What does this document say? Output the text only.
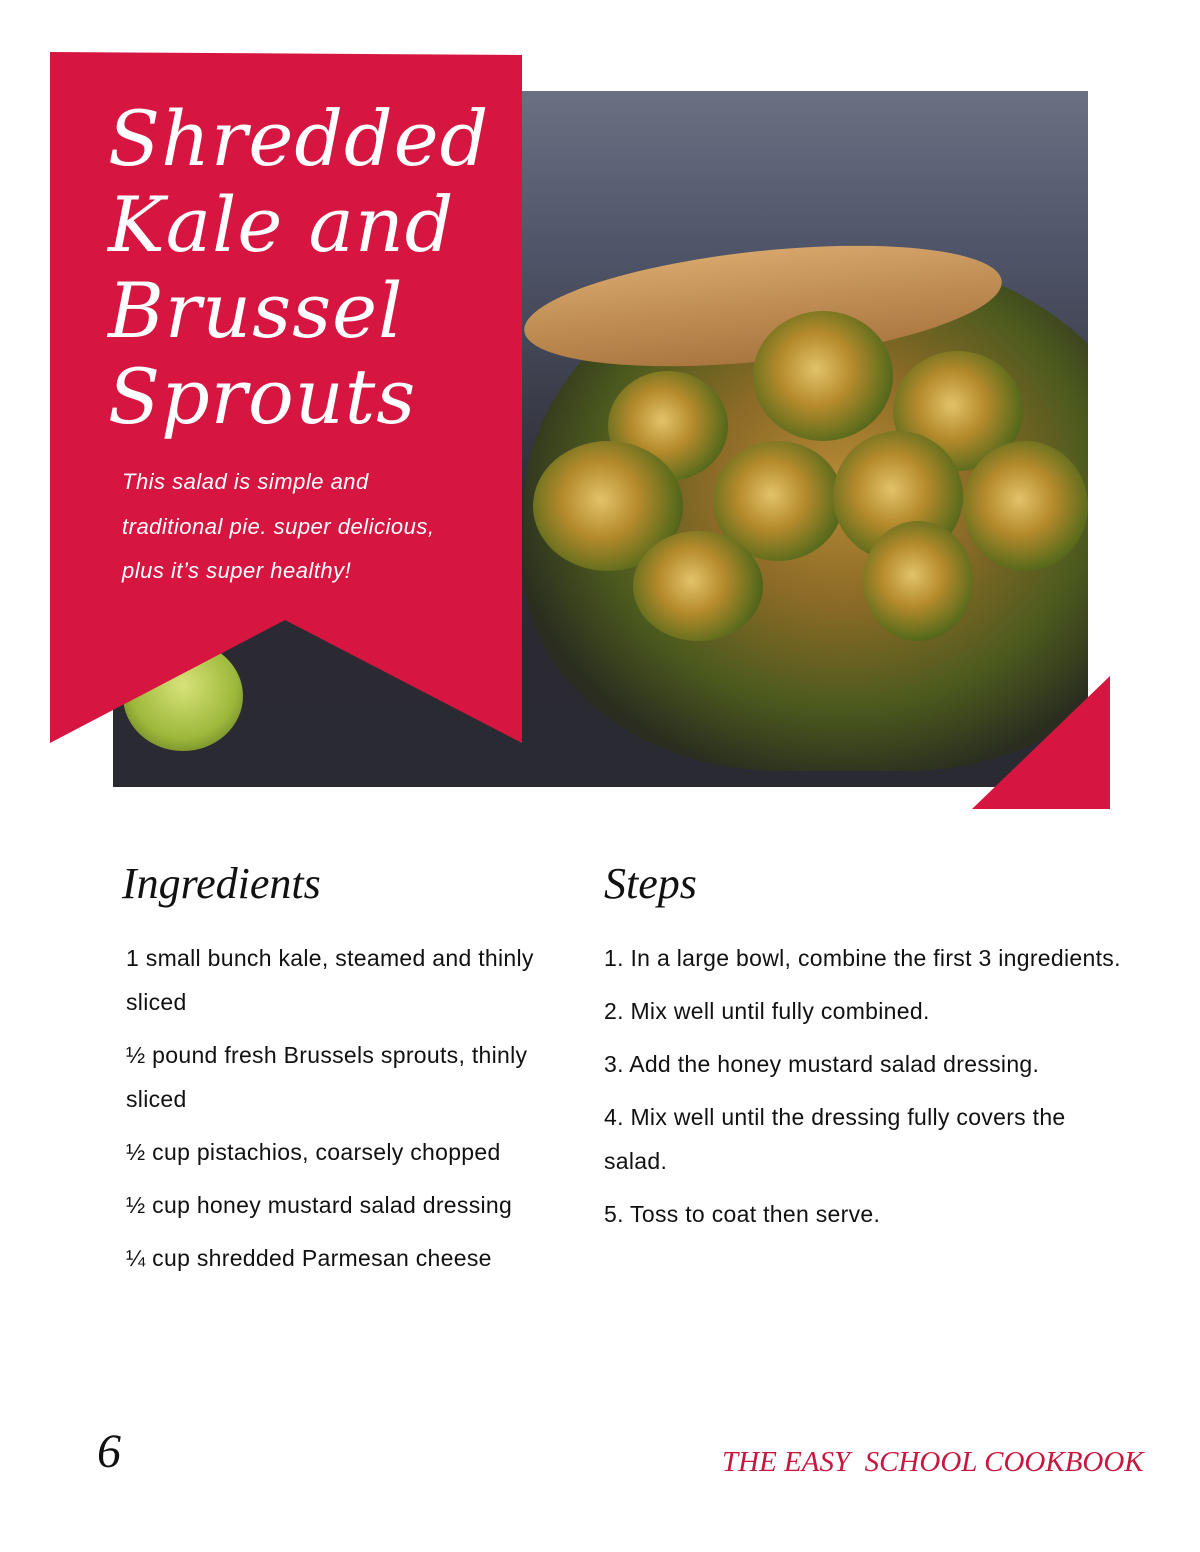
Shredded
Kale and
Brussel
Sprouts
This salad is simple and
traditional pie. super delicious,
plus it’s super healthy!
Ingredients
1 small bunch kale, steamed and thinly sliced
½ pound fresh Brussels sprouts, thinly sliced
½ cup pistachios, coarsely chopped
½ cup honey mustard salad dressing
¼ cup shredded Parmesan cheese
Steps
1. In a large bowl, combine the first 3 ingredients.
2. Mix well until fully combined.
3. Add the honey mustard salad dressing.
4. Mix well until the dressing fully covers the salad.
5. Toss to coat then serve.
6	THE EASY  SCHOOL COOKBOOK
